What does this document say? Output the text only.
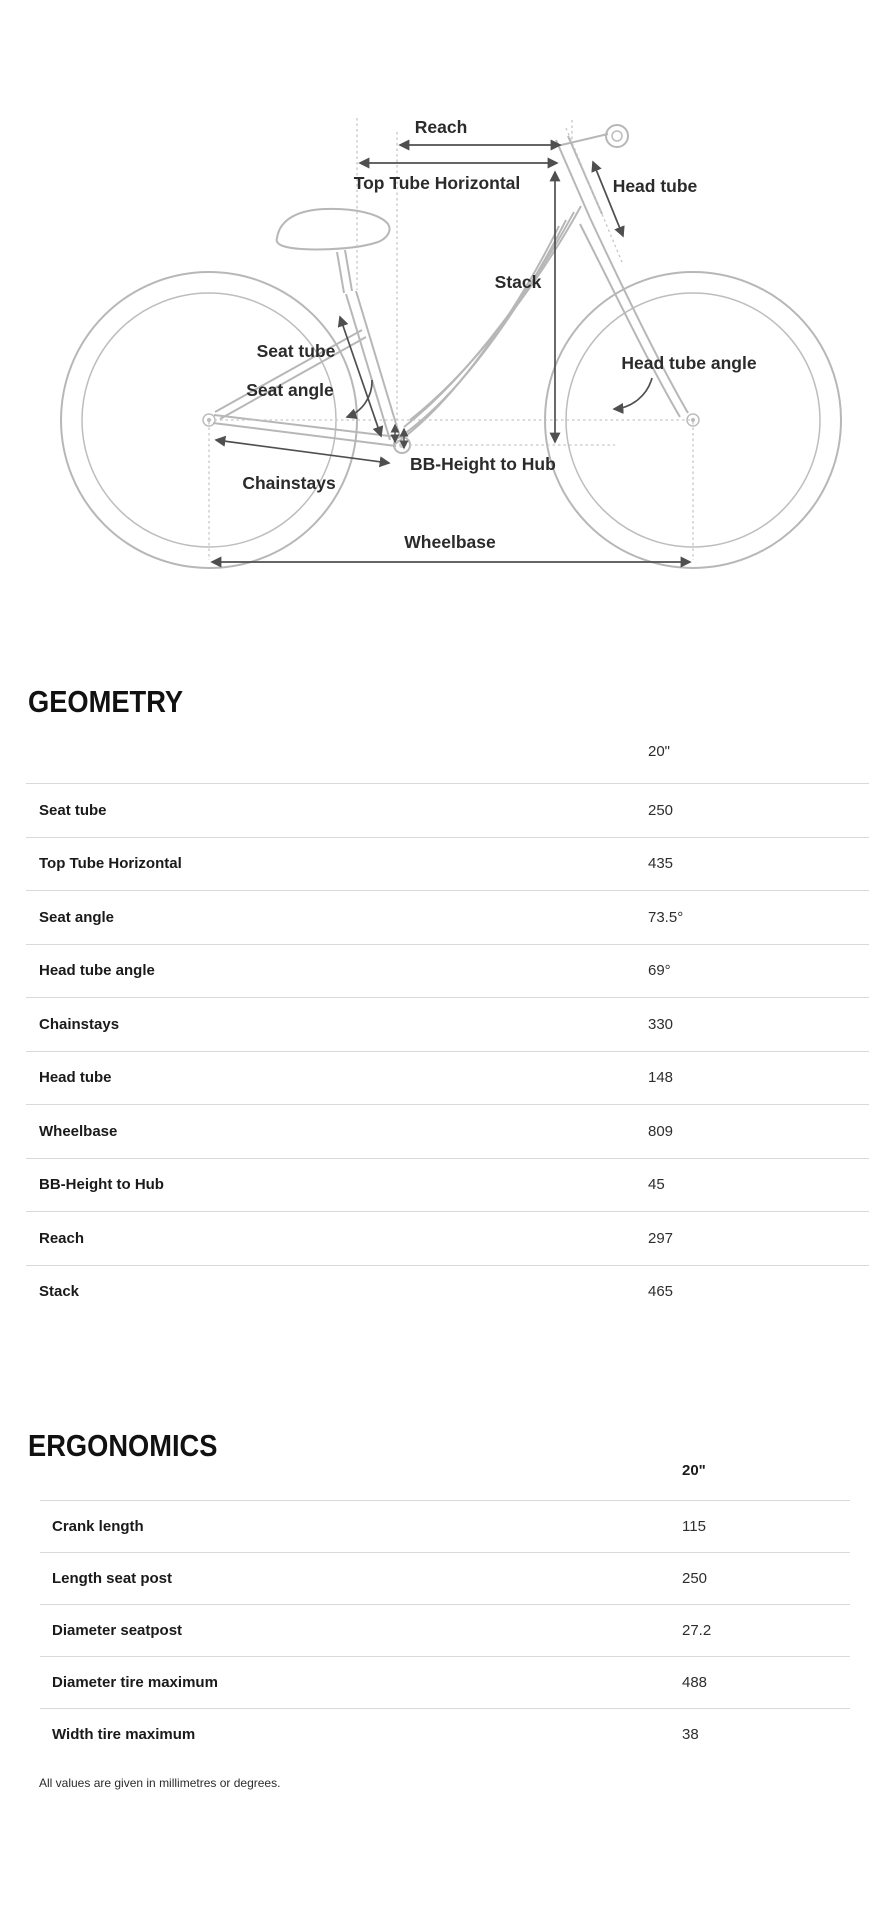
Reach
Top Tube Horizontal	Head tube
Stack
Seat tube
Seat angle
Head tube angle
Chainstays
BB-Height to Hub
Wheelbase
GEOMETRY
20"
Seat tube	250
Top Tube Horizontal	435
Seat angle	73.5°
Head tube angle	69°
Chainstays	330
Head tube	148
Wheelbase	809
BB-Height to Hub	45
Reach	297
Stack	465
ERGONOMICS
20"
Crank length	115
Length seat post	250
Diameter seatpost	27.2
Diameter tire maximum	488
Width tire maximum	38
All values are given in millimetres or degrees.
